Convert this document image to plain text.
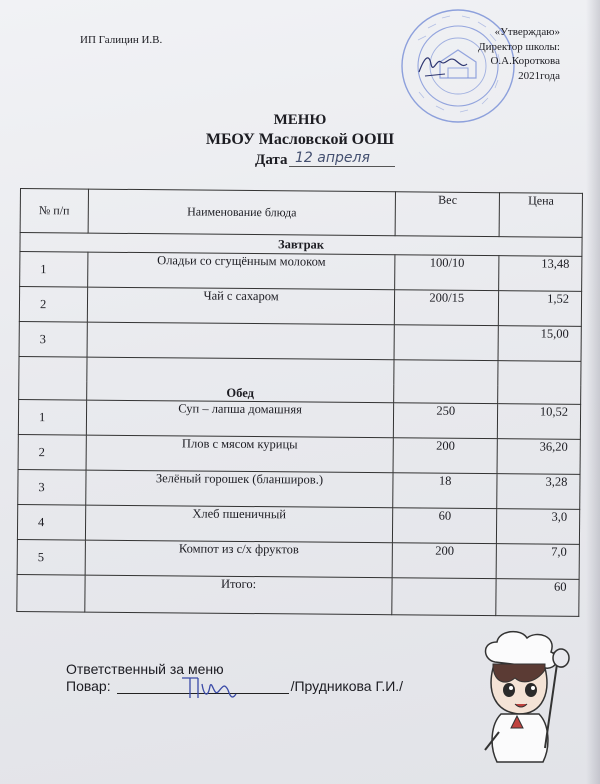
ИП Галицин И.В.
«Утверждаю»
Директор школы:
О.А.Короткова
2021года
МЕНЮ
МБОУ Масловской ООШ
Дата 12 апреля
№ п/п	Наименование блюда	Вес	Цена
Завтрак			
1	Оладьи со сгущённым молоком	100/10	13,48
2	Чай с сахаром	200/15	1,52
3			15,00

	Обед		
1	Суп – лапша домашняя	250	10,52
2	Плов с мясом курицы	200	36,20
3	Зелёный горошек (бланширов.)	18	3,28
4	Хлеб пшеничный	60	3,0
5	Компот из с/х фруктов	200	7,0
	Итого:		60
Ответственный за меню
Повар:	/Прудникова Г.И./
